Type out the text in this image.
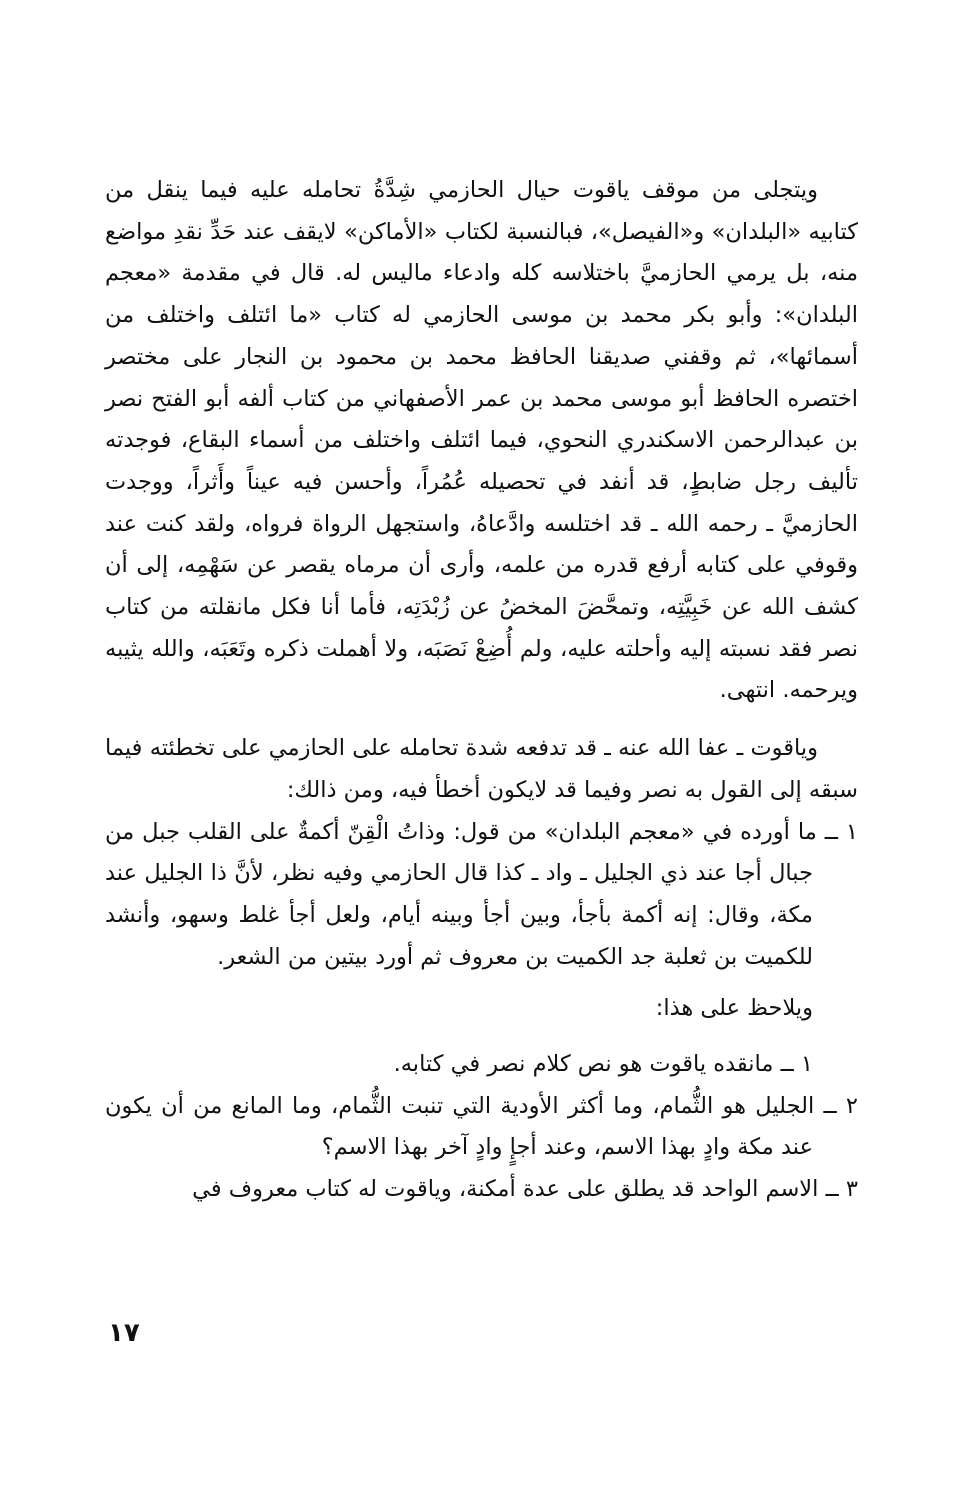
ويتجلى من موقف ياقوت حيال الحازمي شِدَّةُ تحامله عليه فيما ينقل من كتابيه «البلدان» و«الفيصل»، فبالنسبة لكتاب «الأماكن» لايقف عند حَدِّ نقدِ مواضع منه، بل يرمي الحازميَّ باختلاسه كله وادعاء ماليس له. قال في مقدمة «معجم البلدان»: وأبو بكر محمد بن موسى الحازمي له كتاب «ما ائتلف واختلف من أسمائها»، ثم وقفني صديقنا الحافظ محمد بن محمود بن النجار على مختصر اختصره الحافظ أبو موسى محمد بن عمر الأصفهاني من كتاب ألفه أبو الفتح نصر بن عبدالرحمن الاسكندري النحوي، فيما ائتلف واختلف من أسماء البقاع، فوجدته تأليف رجل ضابطٍ، قد أنفد في تحصيله عُمُراً، وأحسن فيه عيناً وأَثراً، ووجدت الحازميَّ ـ رحمه الله ـ قد اختلسه وادَّعاهُ، واستجهل الرواة فرواه، ولقد كنت عند وقوفي على كتابه أرفع قدره من علمه، وأرى أن مرماه يقصر عن سَهْمِه، إلى أن كشف الله عن خَبِيَّتِه، وتمحَّضَ المخضُ عن زُبْدَتِه، فأما أنا فكل مانقلته من كتاب نصر فقد نسبته إليه وأحلته عليه، ولم أُضِعْ نَصَبَه، ولا أهملت ذكره وتَعَبَه، والله يثيبه ويرحمه. انتهى.

وياقوت ـ عفا الله عنه ـ قد تدفعه شدة تحامله على الحازمي على تخطئته فيما سبقه إلى القول به نصر وفيما قد لايكون أخطأ فيه، ومن ذالك:

١ ــ ما أورده في «معجم البلدان» من قول: وذاتُ الْقِنّ أكمةٌ على القلب جبل من جبال أجا عند ذي الجليل ـ واد ـ كذا قال الحازمي وفيه نظر، لأنَّ ذا الجليل عند مكة، وقال: إنه أكمة بأجأ، وبين أجأ وبينه أيام، ولعل أجأ غلط وسهو، وأنشد للكميت بن ثعلبة جد الكميت بن معروف ثم أورد بيتين من الشعر.

ويلاحظ على هذا:

١ ــ مانقده ياقوت هو نص كلام نصر في كتابه.
٢ ــ الجليل هو الثُّمام، وما أكثر الأودية التي تنبت الثُّمام، وما المانع من أن يكون عند مكة وادٍ بهذا الاسم، وعند أجإٍ وادٍ آخر بهذا الاسم؟
٣ ــ الاسم الواحد قد يطلق على عدة أمكنة، وياقوت له كتاب معروف في
١٧
